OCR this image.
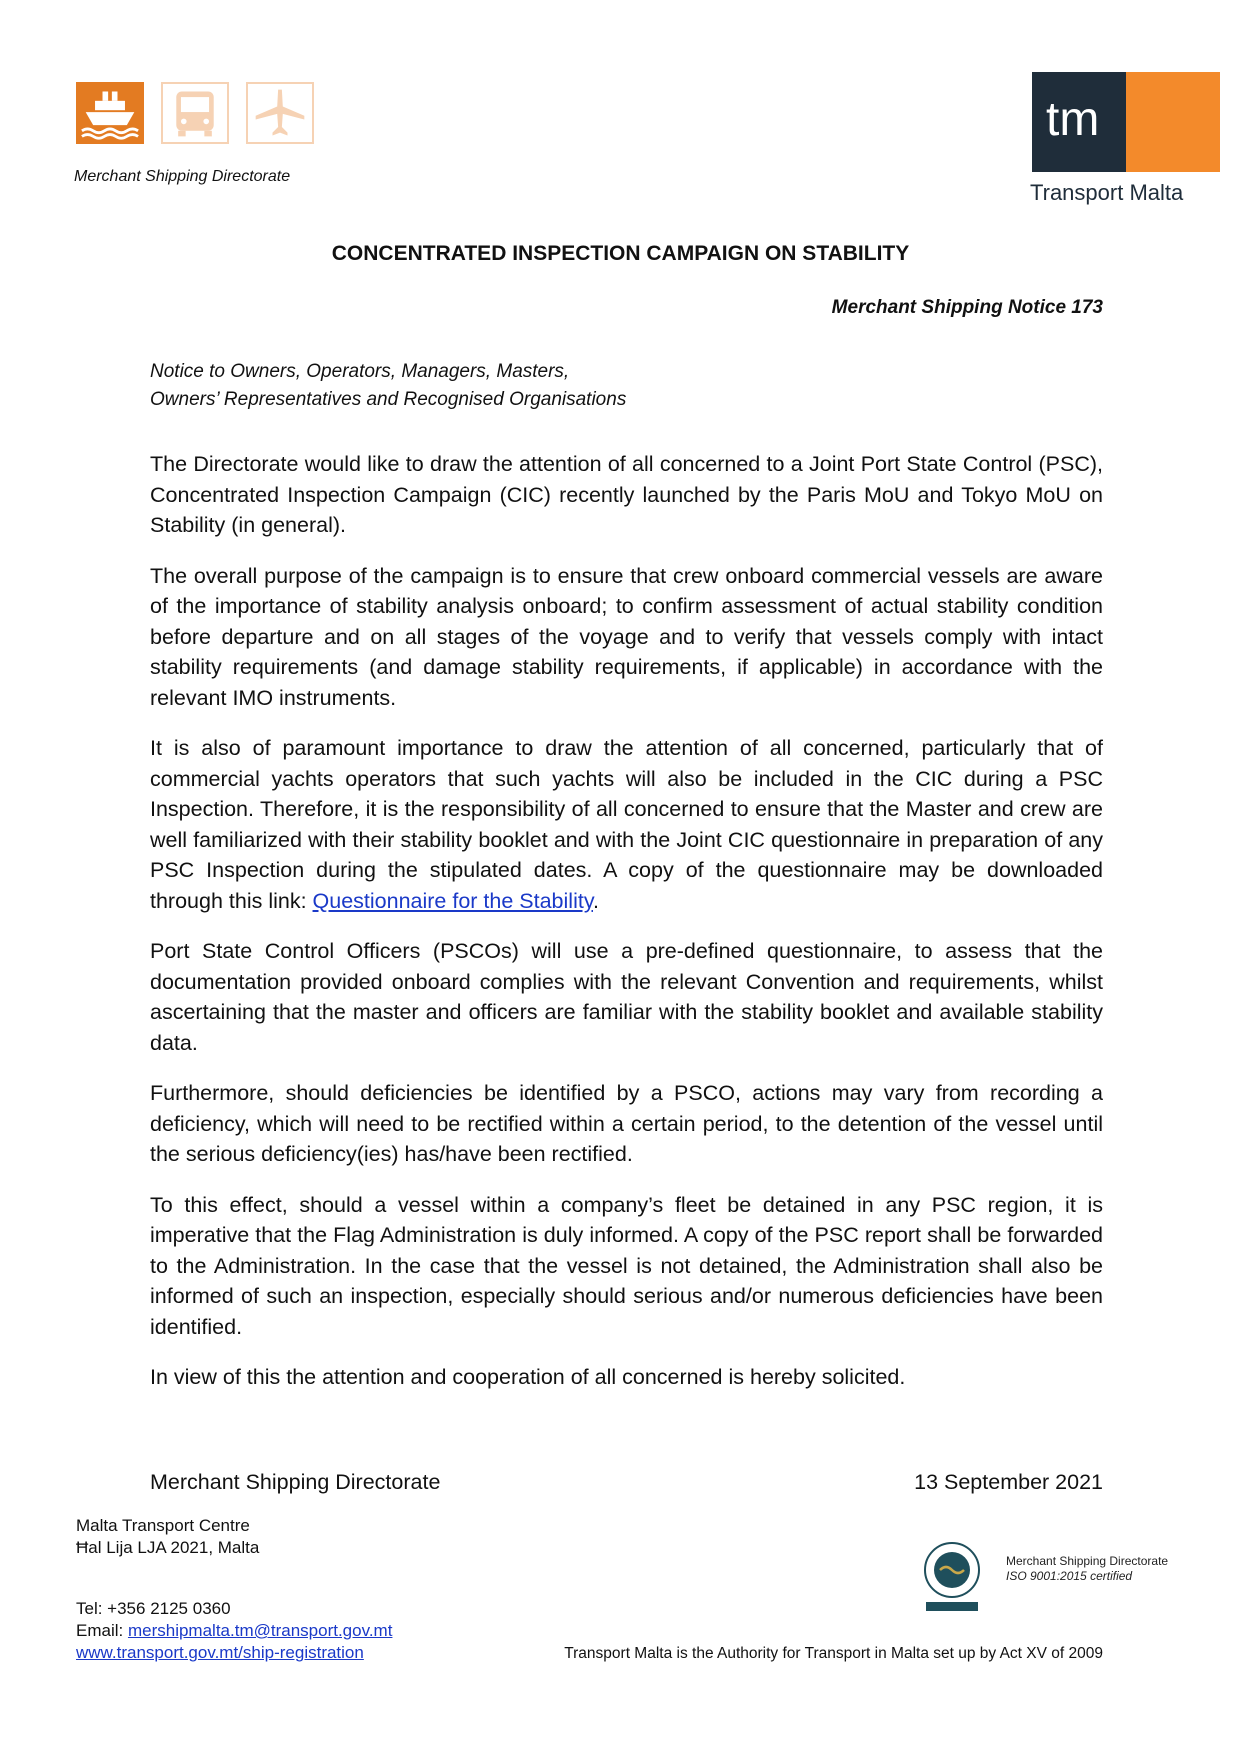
Merchant Shipping Directorate
tm
Transport Malta
CONCENTRATED INSPECTION CAMPAIGN ON STABILITY
Merchant Shipping Notice 173
Notice to Owners, Operators, Managers, Masters,
Owners’ Representatives and Recognised Organisations

The Directorate would like to draw the attention of all concerned to a Joint Port State Control (PSC), Concentrated Inspection Campaign (CIC) recently launched by the Paris MoU and Tokyo MoU on Stability (in general).

The overall purpose of the campaign is to ensure that crew onboard commercial vessels are aware of the importance of stability analysis onboard; to confirm assessment of actual stability condition before departure and on all stages of the voyage and to verify that vessels comply with intact stability requirements (and damage stability requirements, if applicable) in accordance with the relevant IMO instruments.

It is also of paramount importance to draw the attention of all concerned, particularly that of commercial yachts operators that such yachts will also be included in the CIC during a PSC Inspection. Therefore, it is the responsibility of all concerned to ensure that the Master and crew are well familiarized with their stability booklet and with the Joint CIC questionnaire in preparation of any PSC Inspection during the stipulated dates. A copy of the questionnaire may be downloaded through this link: Questionnaire for the Stability.

Port State Control Officers (PSCOs) will use a pre-defined questionnaire, to assess that the documentation provided onboard complies with the relevant Convention and requirements, whilst ascertaining that the master and officers are familiar with the stability booklet and available stability data.

Furthermore, should deficiencies be identified by a PSCO, actions may vary from recording a deficiency, which will need to be rectified within a certain period, to the detention of the vessel until the serious deficiency(ies) has/have been rectified.

To this effect, should a vessel within a company’s fleet be detained in any PSC region, it is imperative that the Flag Administration is duly informed. A copy of the PSC report shall be forwarded to the Administration. In the case that the vessel is not detained, the Administration shall also be informed of such an inspection, especially should serious and/or numerous deficiencies have been identified.

In view of this the attention and cooperation of all concerned is hereby solicited.

Merchant Shipping Directorate	13 September 2021
Malta Transport Centre
Ħal Lija LJA 2021, Malta
Tel: +356 2125 0360
Email: mershipmalta.tm@transport.gov.mt
www.transport.gov.mt/ship-registration
Merchant Shipping Directorate
ISO 9001:2015 certified
Transport Malta is the Authority for Transport in Malta set up by Act XV of 2009
